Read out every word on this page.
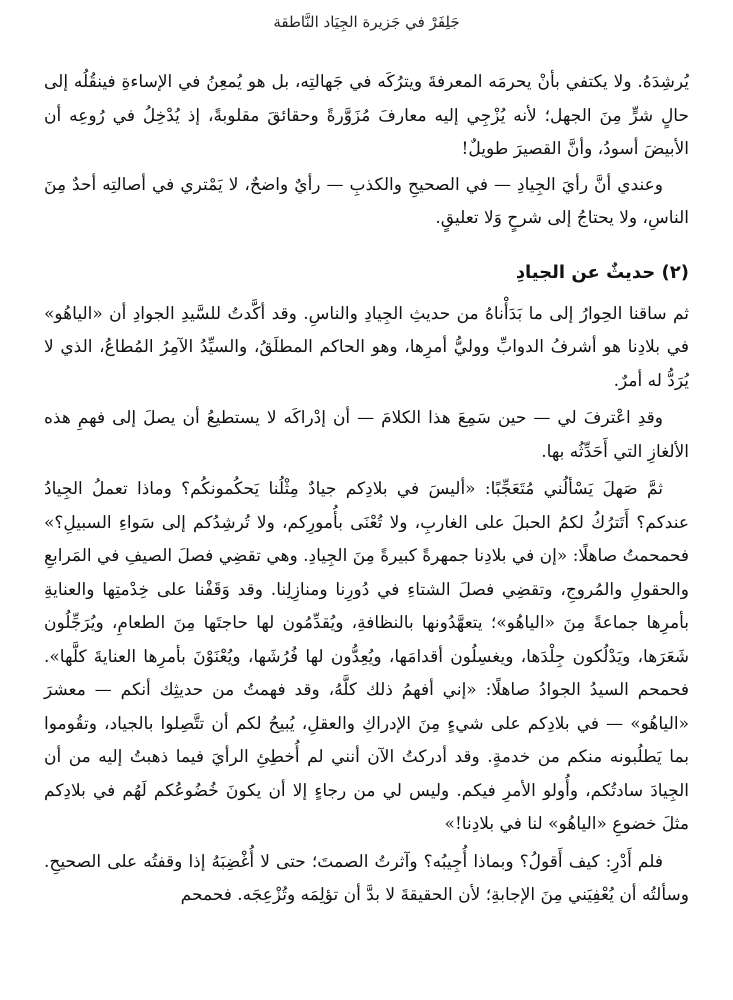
جَلِفَرْ في جَزيرة الجِيَاد النَّاطقة

يُرشِدَهُ. ولا يكتفي بأنْ يحرمَه المعرفةَ ويترُكَه في جَهالتِه، بل هو يُمعِنُ في الإساءةِ فينقُلُه إلى حالٍ شرٍّ مِنَ الجهل؛ لأنه يُزْجِي إليه معارفَ مُزَوَّرةً وحقائقَ مقلوبةً، إذ يُدْخِلُ في رُوعِه أن الأبيضَ أسودُ، وأنَّ القصيرَ طويلٌ!

وعندي أنَّ رأيَ الجِيادِ — في الصحيحِ والكذبِ — رأيٌ واضحٌ، لا يَمْتري في أصالتِه أحدٌ مِنَ الناسِ، ولا يحتاجُ إلى شرحٍ وَلا تعليقٍ.

(٢) حديثٌ عن الجيادِ

ثم ساقنا الحِوارُ إلى ما بَدَأْناهُ من حديثِ الجِيادِ والناسِ. وقد أكَّدتُ للسَّيدِ الجوادِ أن «الياهُو» في بلادِنا هو أشرفُ الدوابِّ ووليُّ أمرِها، وهو الحاكم المطلَقُ، والسيِّدُ الآمِرُ المُطاعُ، الذي لا يُرَدُّ له أمرٌ.

وقدِ اعْترفَ لي — حين سَمِعَ هذا الكلامَ — أن إدْراكَه لا يستطيعُ أن يصلَ إلى فهمِ هذه الألغازِ التي أَحَدِّثُه بها.

ثمَّ صَهلَ يَسْألُني مُتَعَجِّبًا: «أليسَ في بلادِكم جيادٌ مِثْلُنا يَحكُمونكُم؟ وماذا تعملُ الجِيادُ عندكم؟ أَتَترُكُ لكمُ الحبلَ على الغاربِ، ولا تُعْنَى بأُمورِكم، ولا تُرشِدُكم إلى سَواءِ السبيلِ؟» فحمحمتُ صاهلًا: «إن في بلادِنا جمهرةً كبيرةً مِنَ الجِيادِ. وهي تقضِي فصلَ الصيفِ في المَرابعِ والحقولِ والمُروجِ، وتقضِي فصلَ الشتاءِ في دُورِنا ومنازِلِنا. وقد وَقَفْنا على خِدْمتِها والعنايةِ بأمرِها جماعةً مِنَ «الياهُو»؛ يتعهَّدُونها بالنظافةِ، ويُقدِّمُون لها حاجتَها مِنَ الطعامِ، ويُرَجِّلُون شَعَرَها، ويَدْلُكون جِلْدَها، ويغسِلُون أقدامَها، ويُعِدُّون لها فُرُشَها، ويُعْنَوْنَ بأمرِها العنايةَ كلَّها». فحمحم السيدُ الجوادُ صاهلًا: «إني أفهمُ ذلك كلَّهُ، وقد فهمتُ من حديثِك أنكم — معشرَ «الياهُو» — في بلادِكم على شيءٍ مِنَ الإدراكِ والعقلِ، يُبيحُ لكم أن تتَّصِلوا بالجياد، وتقُوموا بما يَطلُبونه منكم من خدمةٍ. وقد أدركتُ الآن أنني لم أُخطِئِ الرأيَ فيما ذهبتُ إليه من أن الجِيادَ سادتُكم، وأُولو الأمرِ فيكم. وليس لي من رجاءٍ إلا أن يكونَ خُضُوعُكم لَهُم في بلادِكم مثلَ خضوعِ «الياهُو» لنا في بلادِنا!»

فلم أَدْرِ: كيف أَقولُ؟ وبماذا أُجِيبُه؟ وآثرتُ الصمتَ؛ حتى لا أُغْضِبَهُ إذا وقفتُه على الصحيحِ. وسألتُه أن يُعْفِيَني مِنَ الإجابةِ؛ لأن الحقيقةَ لا بدَّ أن تؤلِمَه وتُزْعِجَه. فحمحم
